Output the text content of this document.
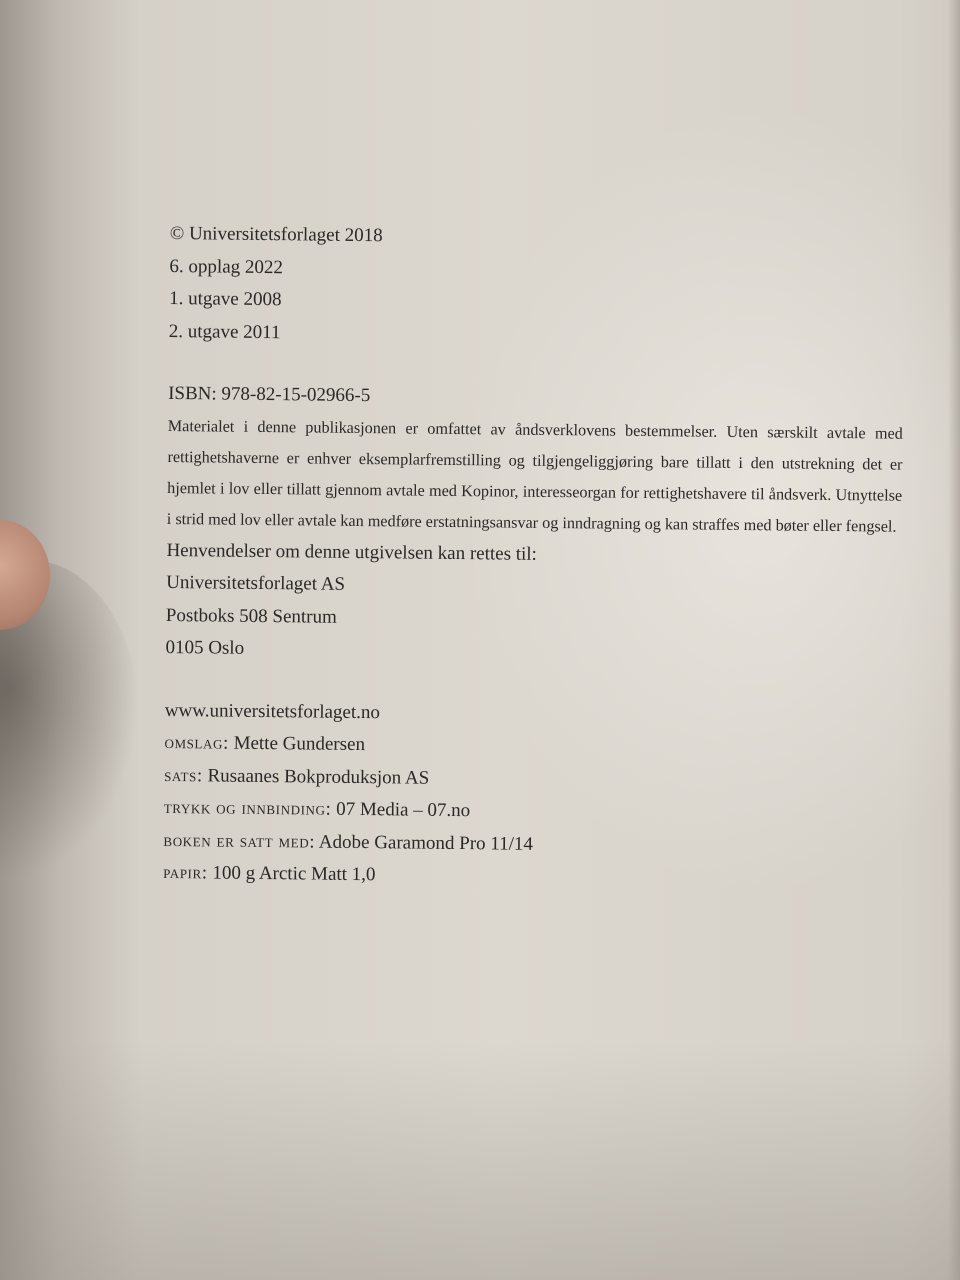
© Universitetsforlaget 2018

6. opplag 2022

1. utgave 2008

2. utgave 2011

ISBN: 978-82-15-02966-5

Materialet i denne publikasjonen er omfattet av åndsverklovens bestemmelser. Uten særskilt avtale med rettighetshaverne er enhver eksemplarfremstilling og tilgjengeliggjøring bare tillatt i den utstrekning det er hjemlet i lov eller tillatt gjennom avtale med Kopinor, interesseorgan for rettighetshavere til åndsverk. Utnyttelse i strid med lov eller avtale kan medføre erstatningsansvar og inndragning og kan straffes med bøter eller fengsel.

Henvendelser om denne utgivelsen kan rettes til:

Universitetsforlaget AS

Postboks 508 Sentrum

0105 Oslo

www.universitetsforlaget.no

omslag: Mette Gundersen

sats: Rusaanes Bokproduksjon AS

trykk og innbinding: 07 Media – 07.no

boken er satt med: Adobe Garamond Pro 11/14

papir: 100 g Arctic Matt 1,0
